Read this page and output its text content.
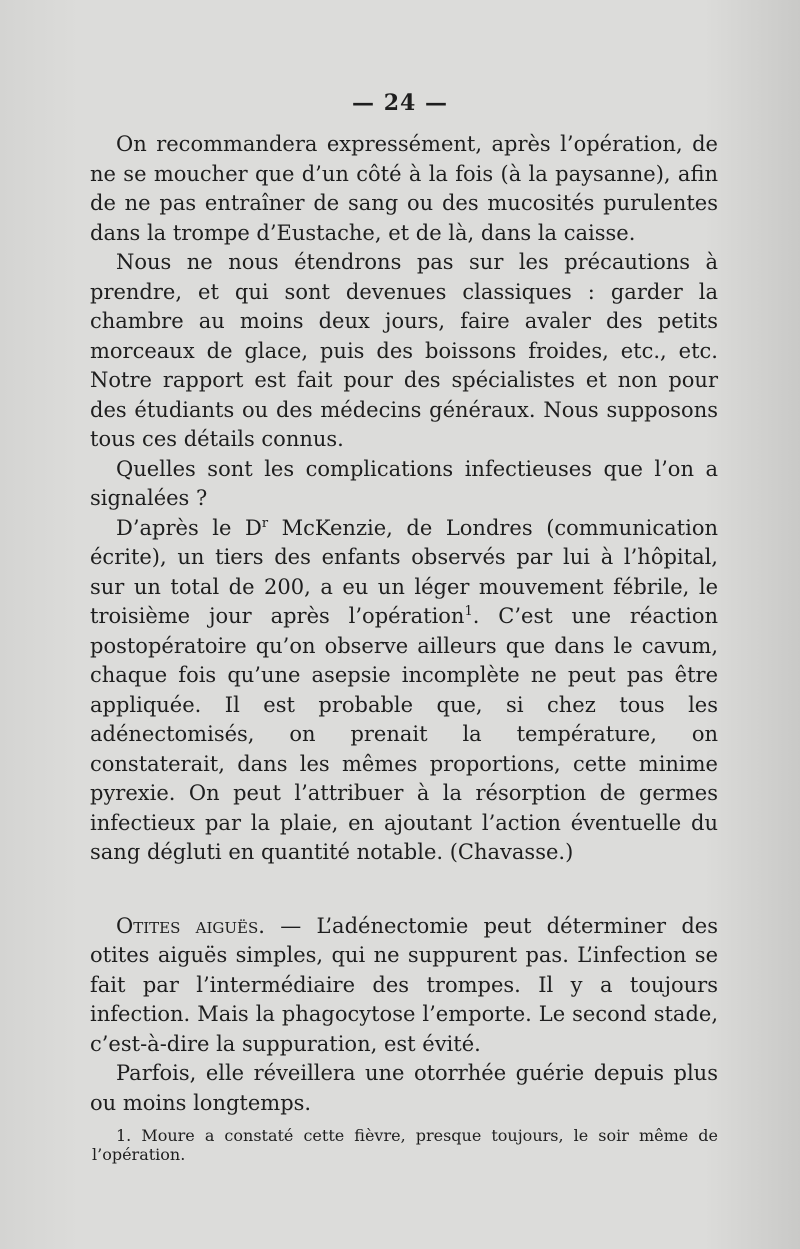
— 24 —

On recommandera expressément, après l’opération, de ne se moucher que d’un côté à la fois (à la paysanne), afin de ne pas entraîner de sang ou des mucosités purulentes dans la trompe d’Eustache, et de là, dans la caisse.

Nous ne nous étendrons pas sur les précautions à prendre, et qui sont devenues classiques : garder la chambre au moins deux jours, faire avaler des petits morceaux de glace, puis des boissons froides, etc., etc. Notre rapport est fait pour des spécialistes et non pour des étudiants ou des médecins généraux. Nous supposons tous ces détails connus.

Quelles sont les complications infectieuses que l’on a signalées ?

D’après le $D^r$ McKenzie, de Londres (communication écrite), un tiers des enfants observés par lui à l’hôpital, sur un total de 200, a eu un léger mouvement fébrile, le troisième jour après l’opération$^1$. C’est une réaction postopératoire qu’on observe ailleurs que dans le cavum, chaque fois qu’une asepsie incomplète ne peut pas être appliquée. Il est probable que, si chez tous les adénectomisés, on prenait la température, on constaterait, dans les mêmes proportions, cette minime pyrexie. On peut l’attribuer à la résorption de germes infectieux par la plaie, en ajoutant l’action éventuelle du sang dégluti en quantité notable. (Chavasse.)

Otites aiguës. — L’adénectomie peut déterminer des otites aiguës simples, qui ne suppurent pas. L’infection se fait par l’intermédiaire des trompes. Il y a toujours infection. Mais la phagocytose l’emporte. Le second stade, c’est-à-dire la suppuration, est évité.

Parfois, elle réveillera une otorrhée guérie depuis plus ou moins longtemps.

1. Moure a constaté cette fièvre, presque toujours, le soir même de l’opération.
